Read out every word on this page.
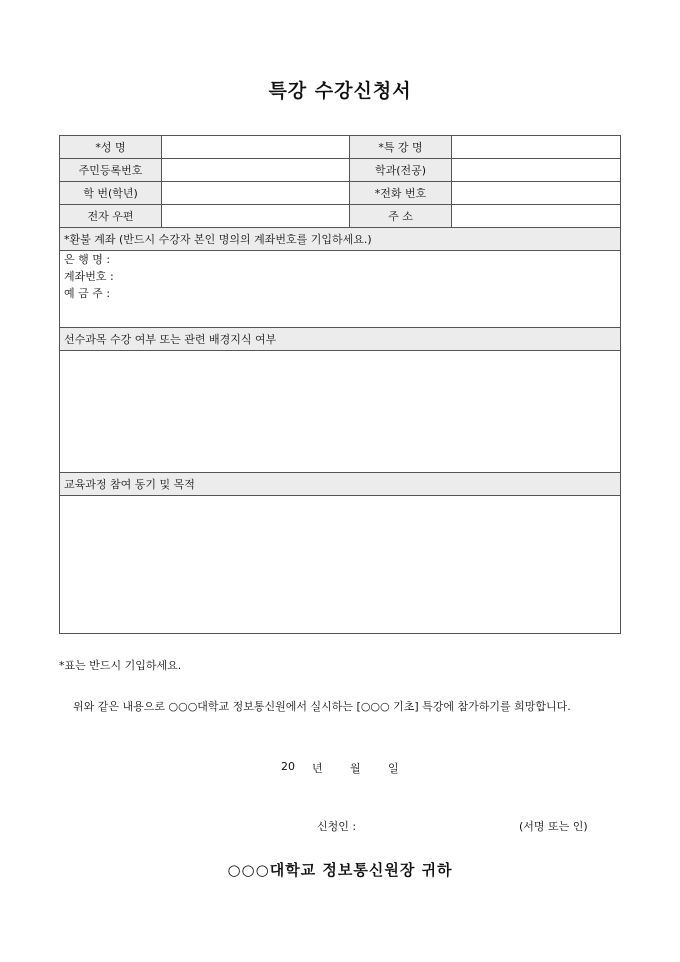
특강 수강신청서
*성 명		*특 강 명	
주민등록번호		학과(전공)	
학 번(학년)		*전화 번호	
전자 우편		주 소	
*환불 계좌 (반드시 수강자 본인 명의의 계좌번호를 기입하세요.)			

은 행 명 :
계좌번호 :
예 금 주 :			

선수과목 수강 여부 또는 관련 배경지식 여부			

교육과정 참여 동기 및 목적			

*표는 반드시 기입하세요.
위와 같은 내용으로 ○○○대학교 정보통신원에서 실시하는 [○○○ 기초] 특강에 참가하기를 희망합니다.
20 년 월 일
신청인 :	(서명 또는 인)
○○○대학교 정보통신원장 귀하
